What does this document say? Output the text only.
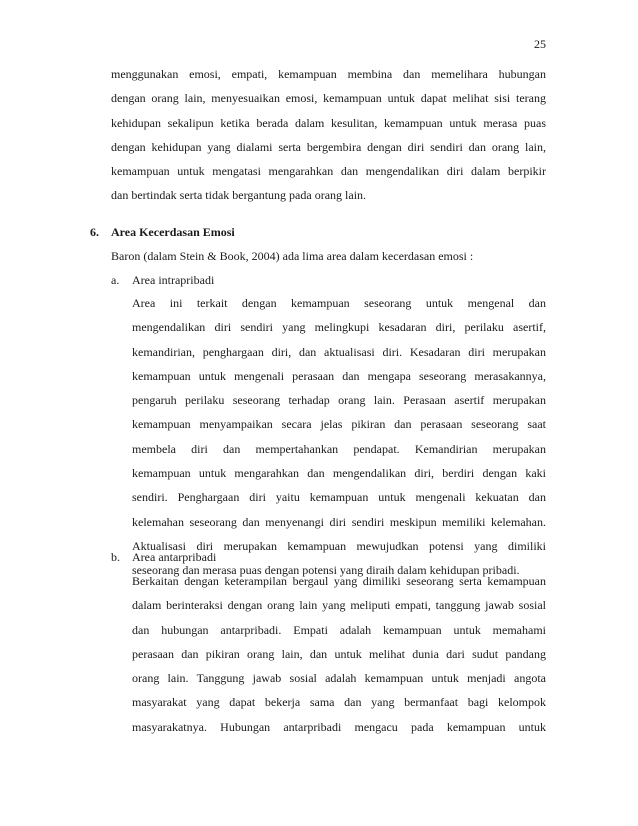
25
menggunakan emosi, empati, kemampuan membina dan memelihara hubungan
dengan orang lain, menyesuaikan emosi, kemampuan untuk dapat melihat sisi terang
kehidupan sekalipun ketika berada dalam kesulitan, kemampuan untuk merasa puas
dengan kehidupan yang dialami serta bergembira dengan diri sendiri dan orang lain,
kemampuan untuk mengatasi mengarahkan dan mengendalikan diri dalam berpikir
dan bertindak serta tidak bergantung pada orang lain.
6. Area Kecerdasan Emosi
Baron (dalam Stein & Book, 2004) ada lima area dalam kecerdasan emosi :
a. Area intrapribadi
Area ini terkait dengan kemampuan seseorang untuk mengenal dan
mengendalikan diri sendiri yang melingkupi kesadaran diri, perilaku asertif,
kemandirian, penghargaan diri, dan aktualisasi diri. Kesadaran diri merupakan
kemampuan untuk mengenali perasaan dan mengapa seseorang merasakannya,
pengaruh perilaku seseorang terhadap orang lain. Perasaan asertif merupakan
kemampuan menyampaikan secara jelas pikiran dan perasaan seseorang saat
membela diri dan mempertahankan pendapat. Kemandirian merupakan
kemampuan untuk mengarahkan dan mengendalikan diri, berdiri dengan kaki
sendiri. Penghargaan diri yaitu kemampuan untuk mengenali kekuatan dan
kelemahan seseorang dan menyenangi diri sendiri meskipun memiliki kelemahan.
Aktualisasi diri merupakan kemampuan mewujudkan potensi yang dimiliki
seseorang dan merasa puas dengan potensi yang diraih dalam kehidupan pribadi.
b. Area antarpribadi
Berkaitan dengan keterampilan bergaul yang dimiliki seseorang serta kemampuan
dalam berinteraksi dengan orang lain yang meliputi empati, tanggung jawab sosial
dan hubungan antarpribadi. Empati adalah kemampuan untuk memahami
perasaan dan pikiran orang lain, dan untuk melihat dunia dari sudut pandang
orang lain. Tanggung jawab sosial adalah kemampuan untuk menjadi angota
masyarakat yang dapat bekerja sama dan yang bermanfaat bagi kelompok
masyarakatnya. Hubungan antarpribadi mengacu pada kemampuan untuk
